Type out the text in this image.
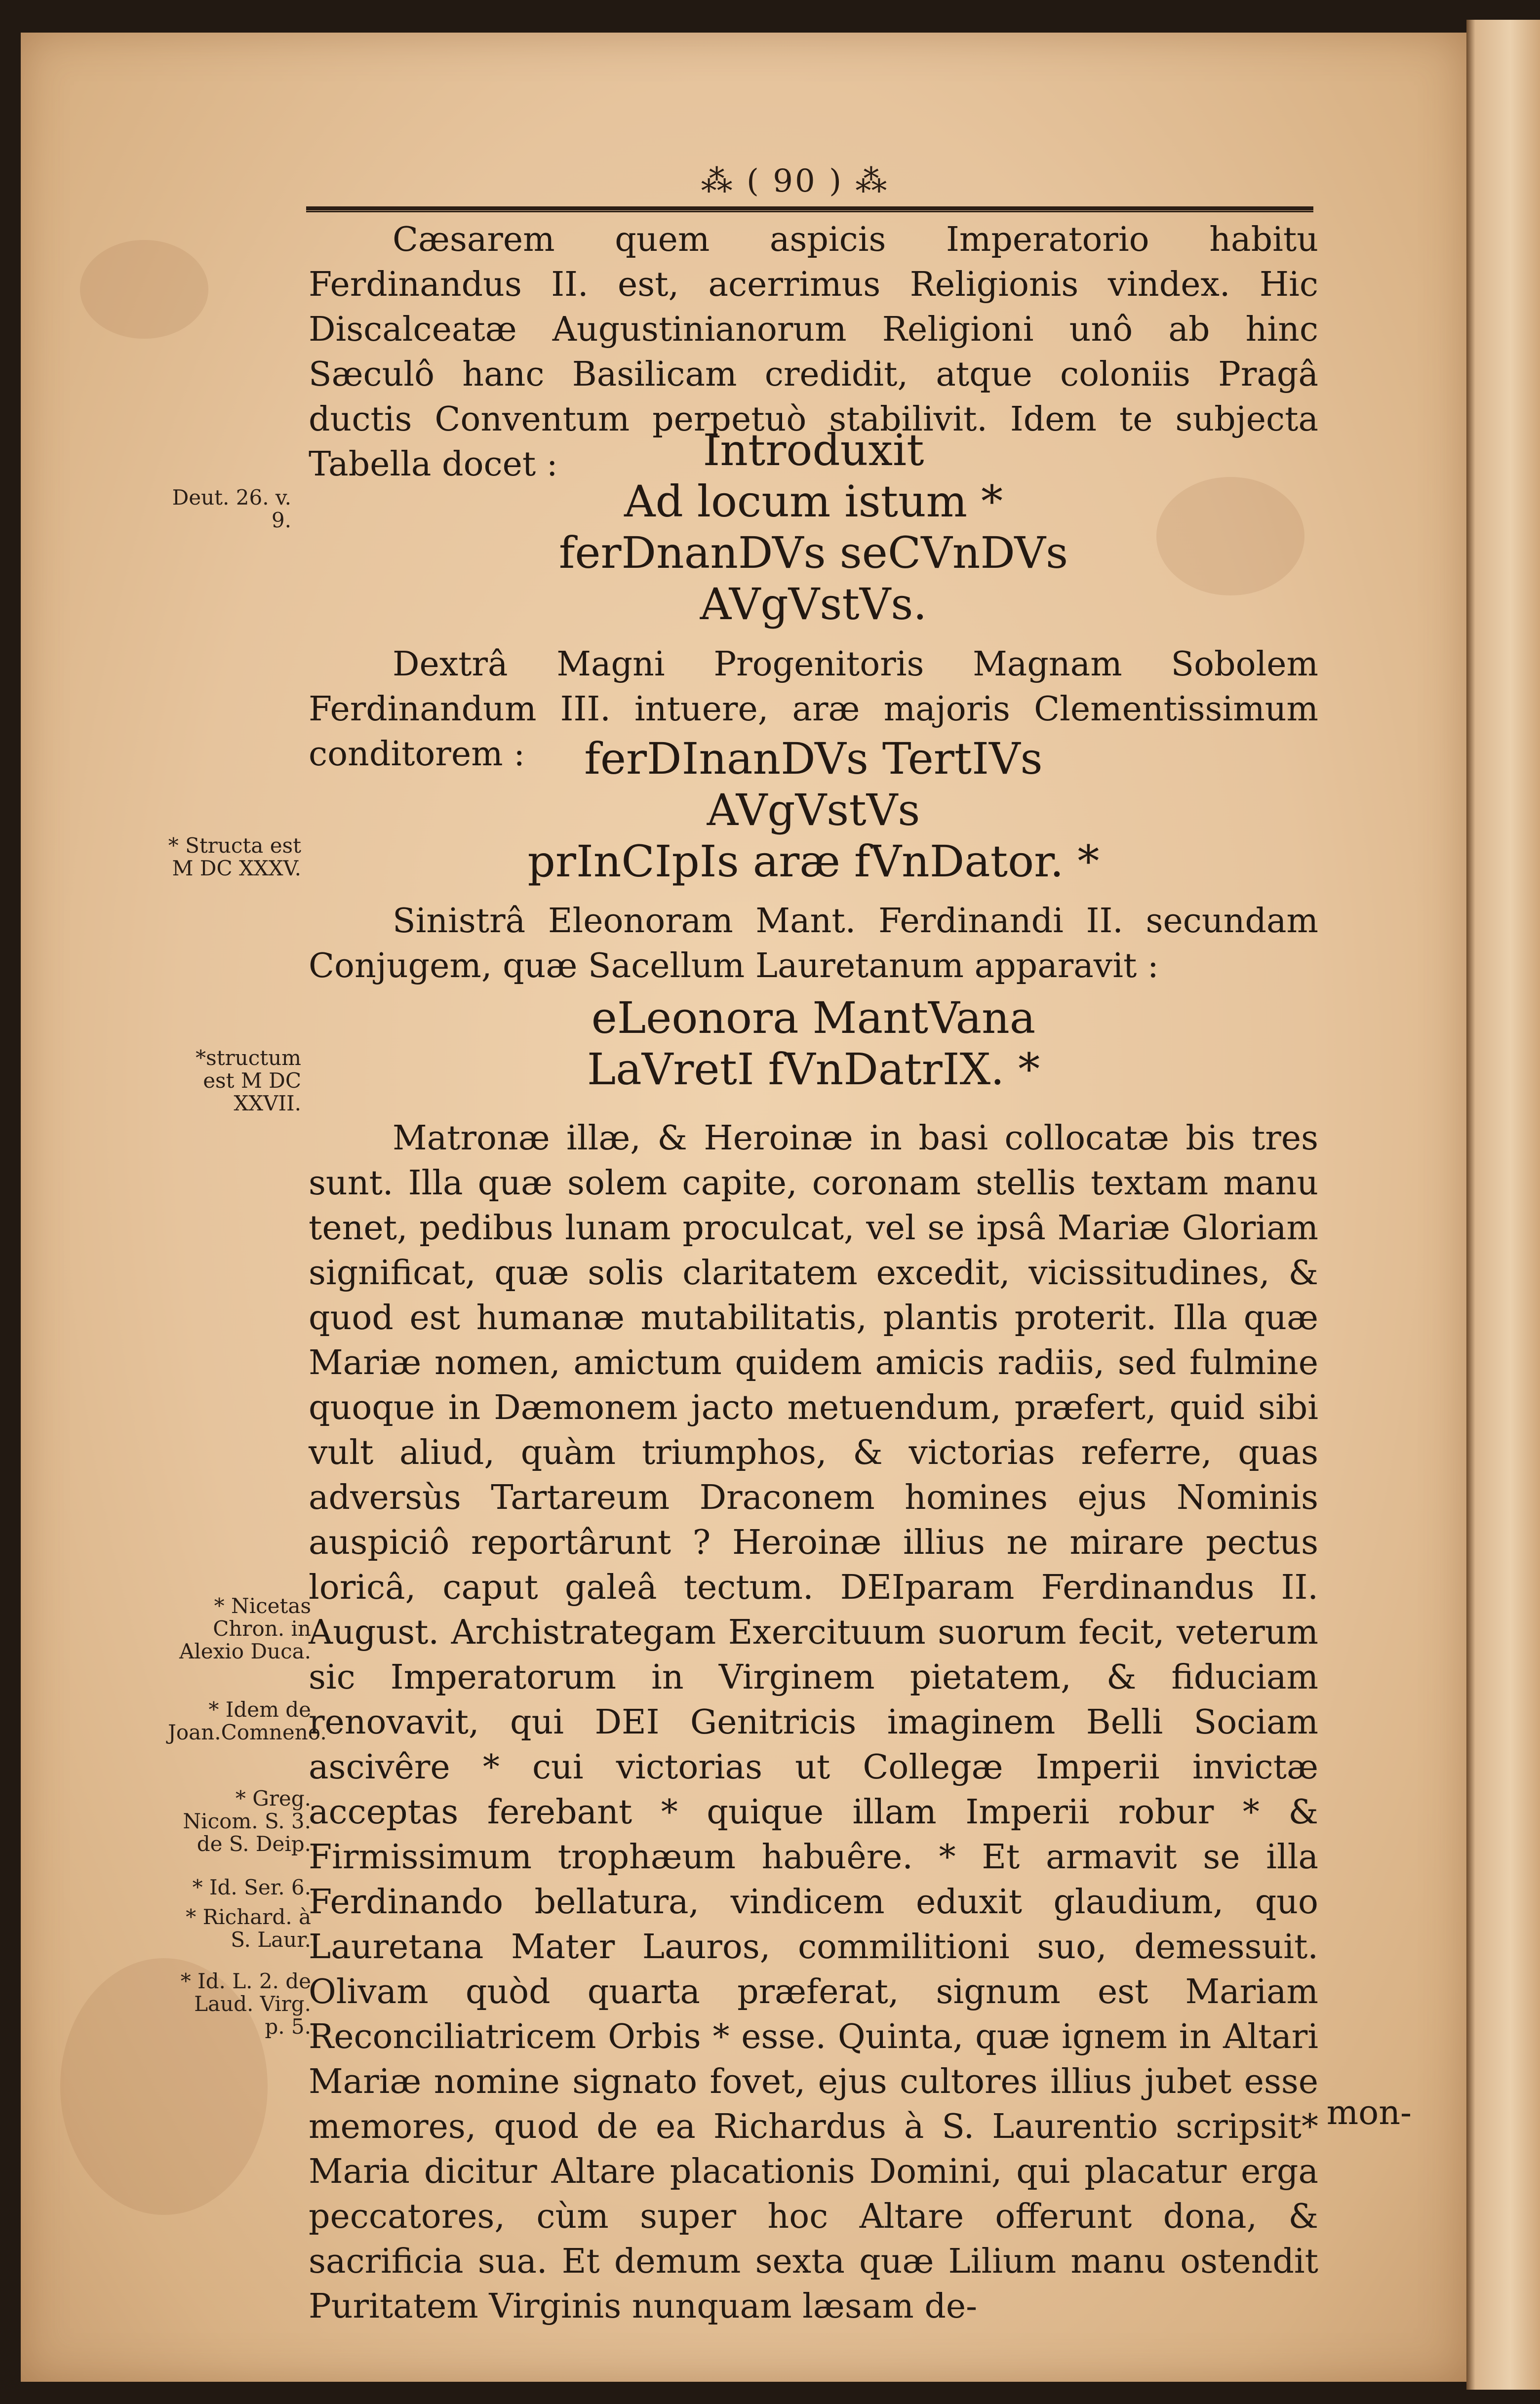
⁂ ( 90 ) ⁂

Cæsarem quem aspicis Imperatorio habitu Ferdinandus II. est, acerrimus Religionis vindex. Hic Discalceatæ Augustinianorum Religioni unô ab hinc Sæculô hanc Basilicam credidit, atque coloniis Pragâ ductis Conventum perpetuò stabilivit. Idem te subjecta Tabella docet :	Introduxit
Ad locum istum *
ferDnanDVs seCVnDVs
AVgVstVs.

Dextrâ Magni Progenitoris Magnam Sobolem Ferdinandum III. intuere, aræ majoris Clementissimum conditorem :	ferDInanDVs TertIVs
AVgVstVs
prInCIpIs aræ fVnDator. *

Sinistrâ Eleonoram Mant. Ferdinandi II. secundam Conjugem, quæ Sacellum Lauretanum apparavit :

eLeonora MantVana
LaVretI fVnDatrIX. *

Matronæ illæ, & Heroinæ in basi collocatæ bis tres sunt. Illa quæ solem capite, coronam stellis textam manu tenet, pedibus lunam proculcat, vel se ipsâ Mariæ Gloriam significat, quæ solis claritatem excedit, vicissitudines, & quod est humanæ mutabilitatis, plantis proterit. Illa quæ Mariæ nomen, amictum quidem amicis radiis, sed fulmine quoque in Dæmonem jacto metuendum, præfert, quid sibi vult aliud, quàm triumphos, & victorias referre, quas adversùs Tartareum Draconem homines ejus Nominis auspiciô reportârunt ? Heroinæ illius ne mirare pectus loricâ, caput galeâ tectum. DEIparam Ferdinandus II. August. Archistrategam Exercituum suorum fecit, veterum sic Imperatorum in Virginem pietatem, & fiduciam renovavit, qui DEI Genitricis imaginem Belli Sociam ascivêre * cui victorias ut Collegæ Imperii invictæ acceptas ferebant * quique illam Imperii robur * & Firmissimum trophæum habuêre. * Et armavit se illa Ferdinando bellatura, vindicem eduxit glaudium, quo Lauretana Mater Lauros, commilitioni suo, demessuit. Olivam quòd quarta præferat, signum est Mariam Reconciliatricem Orbis * esse. Quinta, quæ ignem in Altari Mariæ nomine signato fovet, ejus cultores illius jubet esse memores, quod de ea Richardus à S. Laurentio scripsit* Maria dicitur Altare placationis Domini, qui placatur erga peccatores, cùm super hoc Altare offerunt dona, & sacrificia sua. Et demum sexta quæ Lilium manu ostendit Puritatem Virginis nunquam læsam de-

mon-
Deut. 26. v. 9.
* Structa est M DC XXXV.
*structum est M DC XXVII.
* Nicetas Chron. in Alexio Duca.
* Idem de Joan.Comneno.
* Greg. Nicom. S. 3. de S. Deip.
* Id. Ser. 6.
* Richard. à S. Laur.
* Id. L. 2. de Laud. Virg. p. 5.
